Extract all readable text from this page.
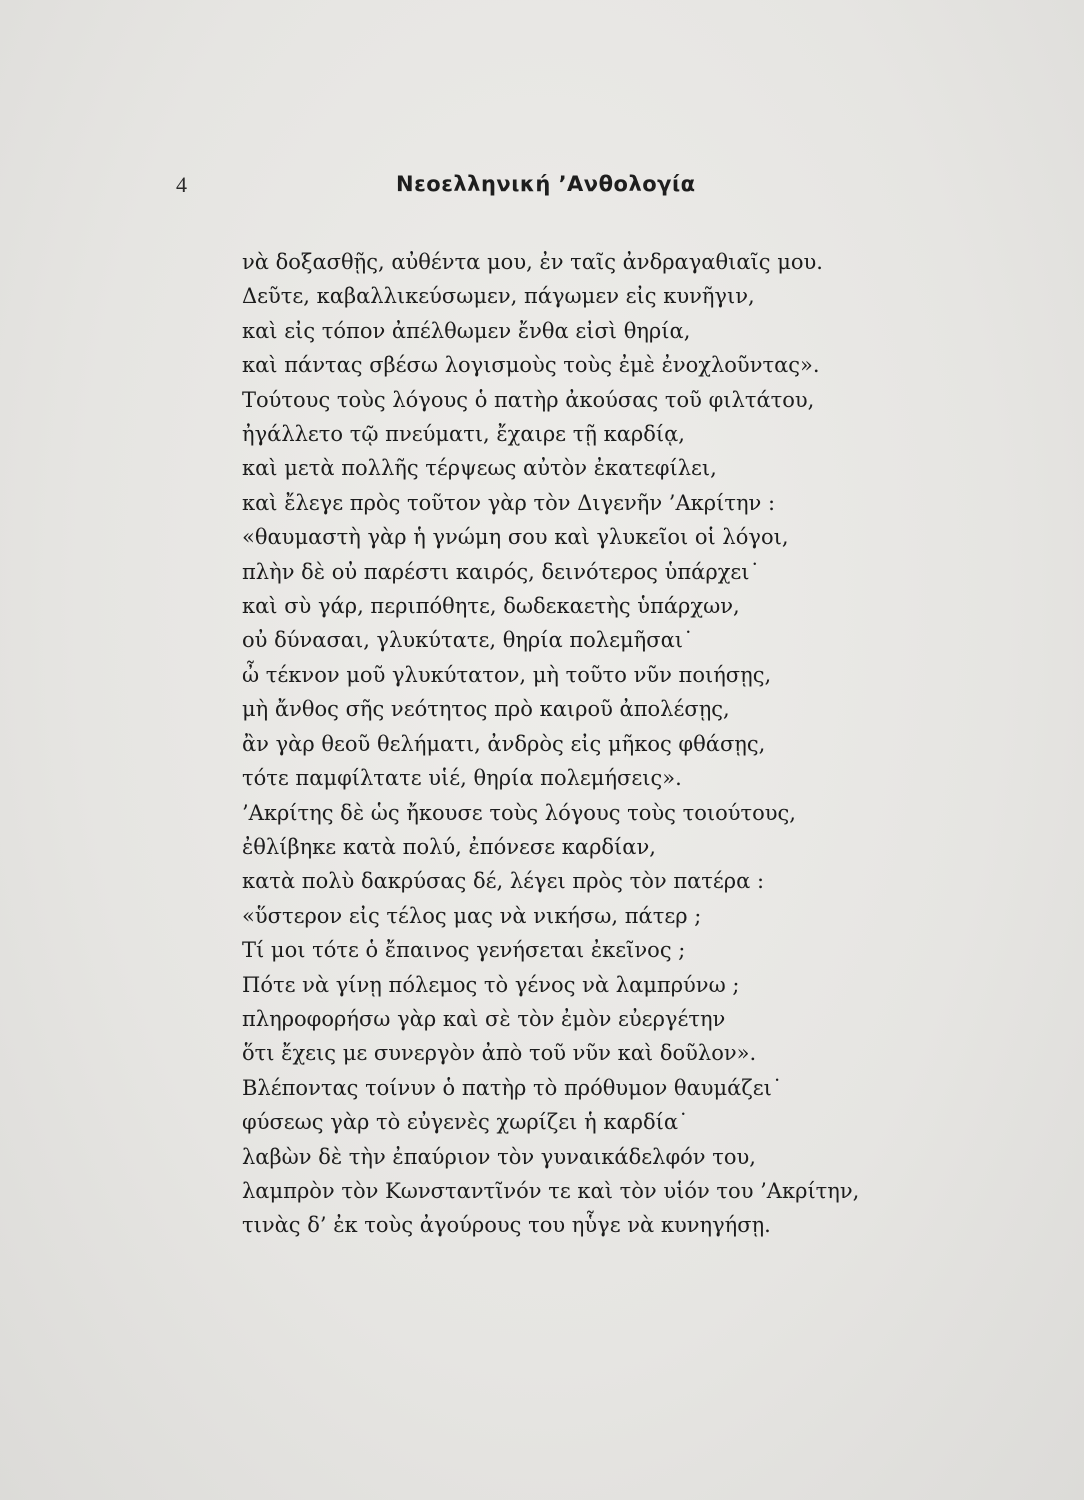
4	Νεοελληνική ’Ανθολογία
νὰ δοξασθῇς, αὐθέντα μου, ἐν ταῖς ἀνδραγαθιαῖς μου.
Δεῦτε, καβαλλικεύσωμεν, πάγωμεν εἰς κυνῆγιν,
καὶ εἰς τόπον ἀπέλθωμεν ἔνθα εἰσὶ θηρία,
καὶ πάντας σβέσω λογισμοὺς τοὺς ἐμὲ ἐνοχλοῦντας».
Τούτους τοὺς λόγους ὁ πατὴρ ἀκούσας τοῦ φιλτάτου,
ἠγάλλετο τῷ πνεύματι, ἔχαιρε τῇ καρδίᾳ,
καὶ μετὰ πολλῆς τέρψεως αὐτὸν ἐκατεφίλει,
καὶ ἔλεγε πρὸς τοῦτον γὰρ τὸν Διγενῆν ’Ακρίτην :
«θαυμαστὴ γὰρ ἡ γνώμη σου καὶ γλυκεῖοι οἱ λόγοι,
πλὴν δὲ οὐ παρέστι καιρός, δεινότερος ὑπάρχει˙
καὶ σὺ γάρ, περιπόθητε, δωδεκαετὴς ὑπάρχων,
οὐ δύνασαι, γλυκύτατε, θηρία πολεμῆσαι˙
ὦ τέκνον μοῦ γλυκύτατον, μὴ τοῦτο νῦν ποιήσῃς,
μὴ ἄνθος σῆς νεότητος πρὸ καιροῦ ἀπολέσῃς,
ἂν γὰρ θεοῦ θελήματι, ἀνδρὸς εἰς μῆκος φθάσῃς,
τότε παμφίλτατε υἱέ, θηρία πολεμήσεις».
’Ακρίτης δὲ ὡς ἤκουσε τοὺς λόγους τοὺς τοιούτους,
ἐθλίβηκε κατὰ πολύ, ἐπόνεσε καρδίαν,
κατὰ πολὺ δακρύσας δέ, λέγει πρὸς τὸν πατέρα :
«ὕστερον εἰς τέλος μας νὰ νικήσω, πάτερ ;
Τί μοι τότε ὁ ἔπαινος γενήσεται ἐκεῖνος ;
Πότε νὰ γίνῃ πόλεμος τὸ γένος νὰ λαμπρύνω ;
πληροφορήσω γὰρ καὶ σὲ τὸν ἐμὸν εὐεργέτην
ὅτι ἔχεις με συνεργὸν ἀπὸ τοῦ νῦν καὶ δοῦλον».
Βλέποντας τοίνυν ὁ πατὴρ τὸ πρόθυμον θαυμάζει˙
φύσεως γὰρ τὸ εὐγενὲς χωρίζει ἡ καρδία˙
λαβὼν δὲ τὴν ἐπαύριον τὸν γυναικάδελφόν του,
λαμπρὸν τὸν Κωνσταντῖνόν τε καὶ τὸν υἱόν του ’Ακρίτην,
τινὰς δ’ ἐκ τοὺς ἀγούρους του ηὗγε νὰ κυνηγήσῃ.
